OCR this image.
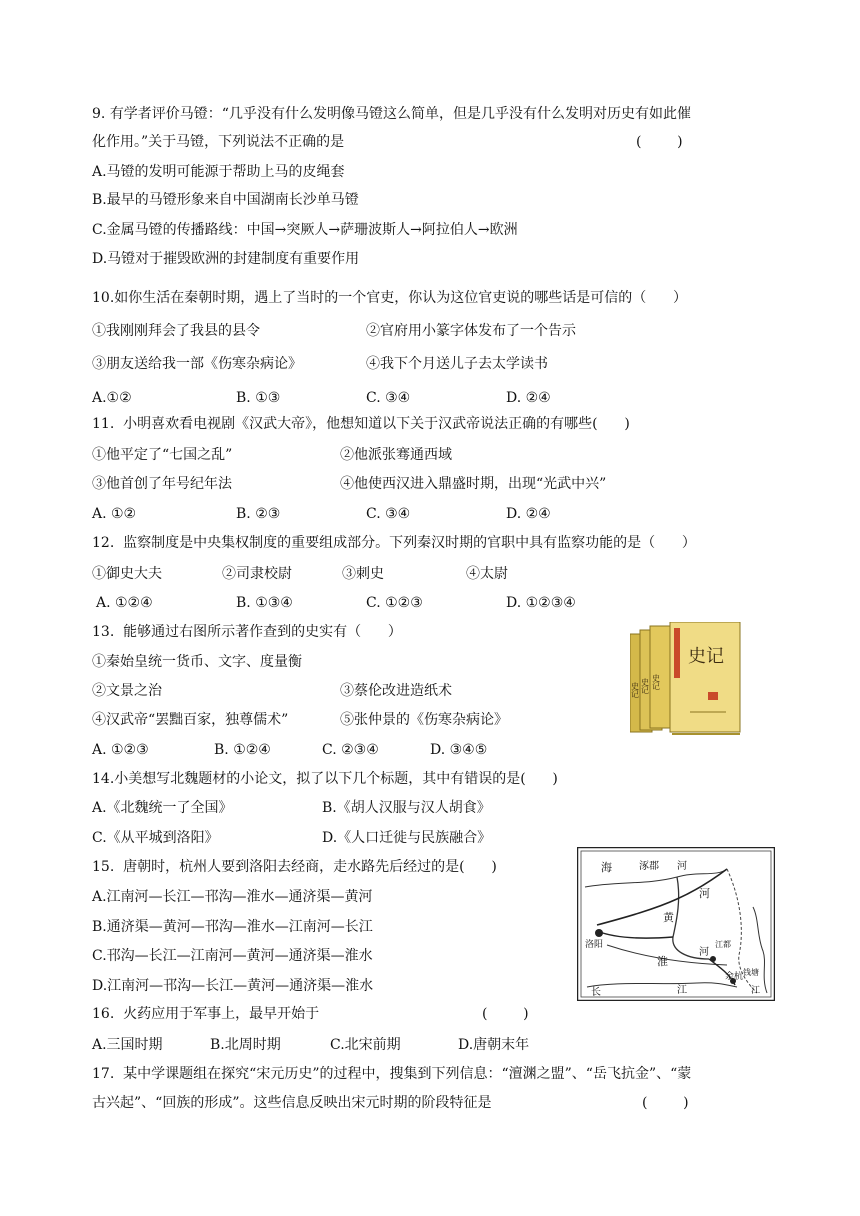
9. 有学者评价马镫：“几乎没有什么发明像马镫这么简单，但是几乎没有什么发明对历史有如此催
化作用。”关于马镫，下列说法不正确的是	(        )
A.马镫的发明可能源于帮助上马的皮绳套
B.最早的马镫形象来自中国湖南长沙单马镫
C.金属马镫的传播路线：中国→突厥人→萨珊波斯人→阿拉伯人→欧洲
D.马镫对于摧毁欧洲的封建制度有重要作用
10.如你生活在秦朝时期，遇上了当时的一个官吏，你认为这位官吏说的哪些话是可信的（      ）
①我刚刚拜会了我县的县令	②官府用小篆字体发布了一个告示
③朋友送给我一部《伤寒杂病论》	④我下个月送儿子去太学读书
A.①②	B. ①③	C. ③④	D. ②④
11. 小明喜欢看电视剧《汉武大帝》，他想知道以下关于汉武帝说法正确的有哪些(      )
①他平定了“七国之乱”	②他派张骞通西域
③他首创了年号纪年法	④他使西汉进入鼎盛时期，出现“光武中兴”
A. ①②	B. ②③	C. ③④	D. ②④
12. 监察制度是中央集权制度的重要组成部分。下列秦汉时期的官职中具有监察功能的是（      ）
①御史大夫	②司隶校尉	③刺史	④太尉
A. ①②④	B. ①③④	C. ①②③	D. ①②③④
13. 能够通过右图所示著作查到的史实有（      ）
①秦始皇统一货币、文字、度量衡
②文景之治	③蔡伦改进造纸术
④汉武帝“罢黜百家，独尊儒术”	⑤张仲景的《伤寒杂病论》
A. ①②③	B. ①②④	C. ②③④	D. ③④⑤
史记
史记 史记 史记
14.小美想写北魏题材的小论文，拟了以下几个标题，其中有错误的是(      )
A.《北魏统一了全国》	B.《胡人汉服与汉人胡食》
C.《从平城到洛阳》	D.《人口迁徙与民族融合》
15. 唐朝时，杭州人要到洛阳去经商，走水路先后经过的是(      )
A.江南河—长江—邗沟—淮水—通济渠—黄河
B.通济渠—黄河—邗沟—淮水—江南河—长江
C.邗沟—长江—江南河—黄河—通济渠—淮水
D.江南河—邗沟—长江—黄河—通济渠—淮水
海	涿郡 河
河
黄
洛阳
淮
河
江都
余杭 钱塘
长	江	江
16. 火药应用于军事上，最早开始于	(        )
A.三国时期	B.北周时期	C.北宋前期	D.唐朝末年
17. 某中学课题组在探究“宋元历史”的过程中，搜集到下列信息：“澶渊之盟”、“岳飞抗金”、“蒙
古兴起”、“回族的形成”。这些信息反映出宋元时期的阶段特征是	(        )
